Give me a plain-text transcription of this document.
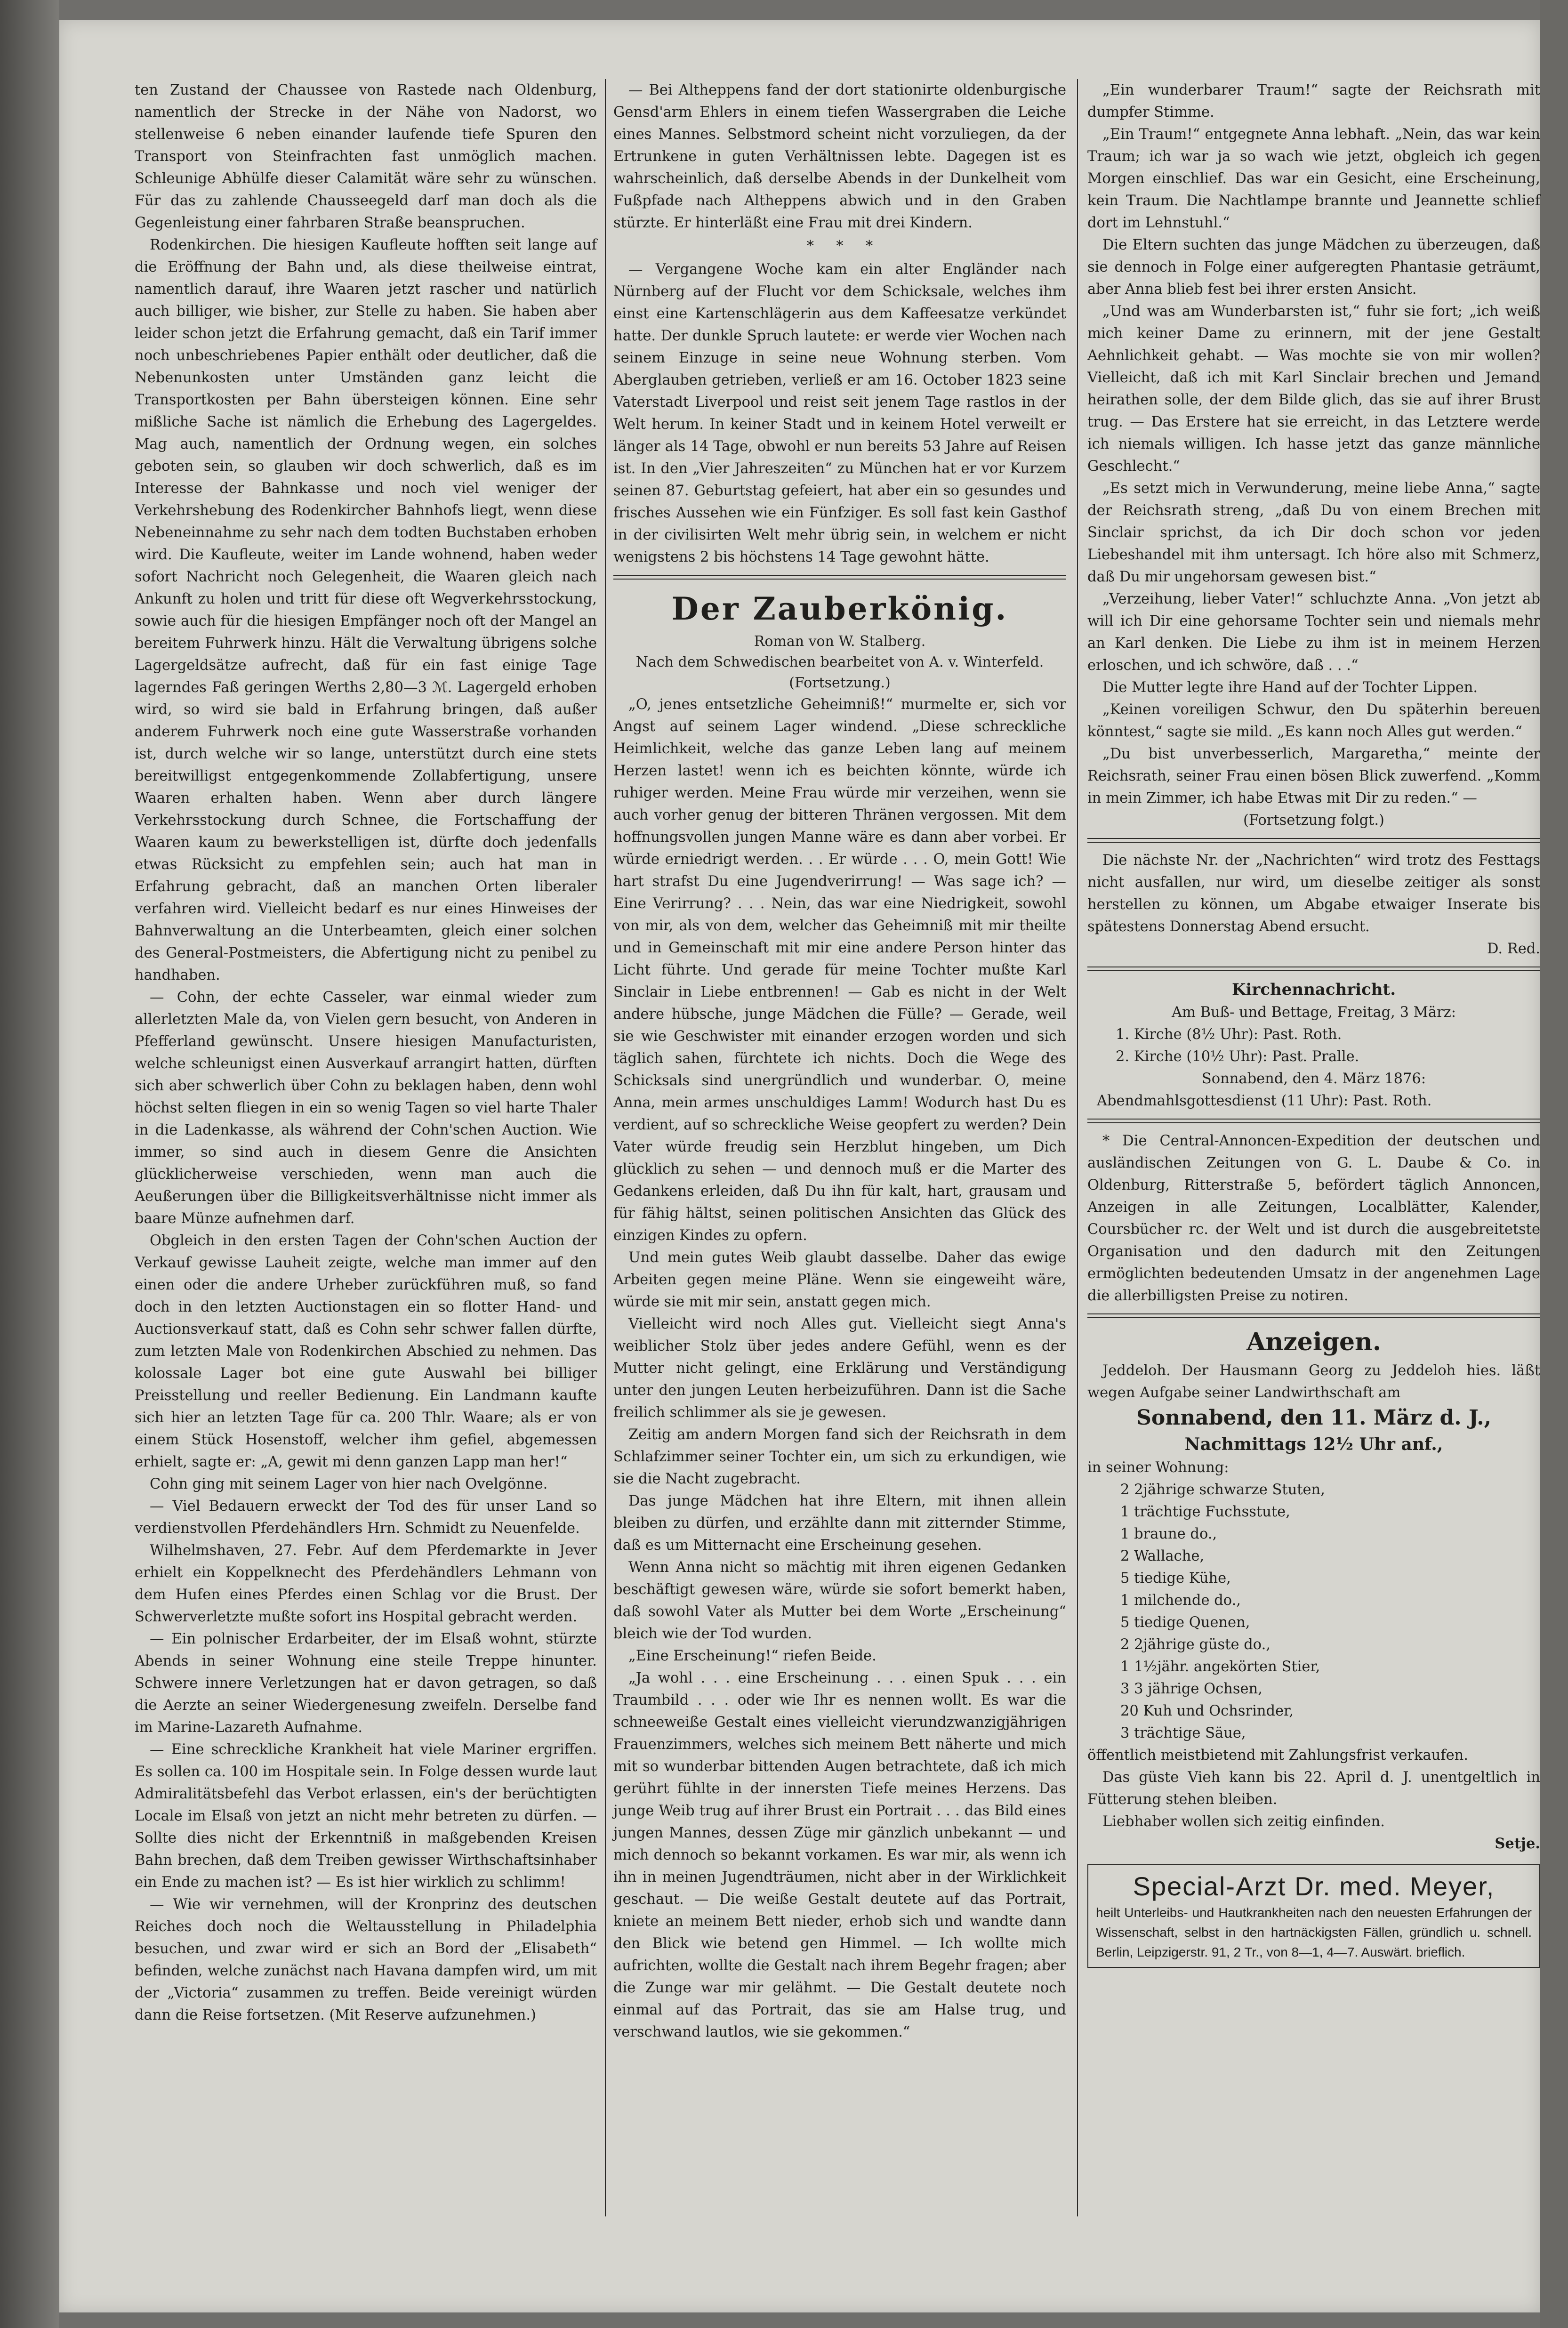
ten Zustand der Chaussee von Rastede nach Oldenburg, namentlich der Strecke in der Nähe von Nadorst, wo stellenweise 6 neben einander laufende tiefe Spuren den Transport von Steinfrachten fast unmöglich machen. Schleunige Abhülfe dieser Calamität wäre sehr zu wünschen. Für das zu zahlende Chausseegeld darf man doch als die Gegenleistung einer fahrbaren Straße beanspruchen.

Rodenkirchen. Die hiesigen Kaufleute hofften seit lange auf die Eröffnung der Bahn und, als diese theilweise eintrat, namentlich darauf, ihre Waaren jetzt rascher und natürlich auch billiger, wie bisher, zur Stelle zu haben. Sie haben aber leider schon jetzt die Erfahrung gemacht, daß ein Tarif immer noch unbeschriebenes Papier enthält oder deutlicher, daß die Nebenunkosten unter Umständen ganz leicht die Transportkosten per Bahn übersteigen können. Eine sehr mißliche Sache ist nämlich die Erhebung des Lagergeldes. Mag auch, namentlich der Ordnung wegen, ein solches geboten sein, so glauben wir doch schwerlich, daß es im Interesse der Bahnkasse und noch viel weniger der Verkehrshebung des Rodenkircher Bahnhofs liegt, wenn diese Nebeneinnahme zu sehr nach dem todten Buchstaben erhoben wird. Die Kaufleute, weiter im Lande wohnend, haben weder sofort Nachricht noch Gelegenheit, die Waaren gleich nach Ankunft zu holen und tritt für diese oft Wegverkehrsstockung, sowie auch für die hiesigen Empfänger noch oft der Mangel an bereitem Fuhrwerk hinzu. Hält die Verwaltung übrigens solche Lagergeldsätze aufrecht, daß für ein fast einige Tage lagerndes Faß geringen Werths 2,80—3 ℳ. Lagergeld erhoben wird, so wird sie bald in Erfahrung bringen, daß außer anderem Fuhrwerk noch eine gute Wasserstraße vorhanden ist, durch welche wir so lange, unterstützt durch eine stets bereitwilligst entgegenkommende Zollabfertigung, unsere Waaren erhalten haben. Wenn aber durch längere Verkehrsstockung durch Schnee, die Fortschaffung der Waaren kaum zu bewerkstelligen ist, dürfte doch jedenfalls etwas Rücksicht zu empfehlen sein; auch hat man in Erfahrung gebracht, daß an manchen Orten liberaler verfahren wird. Vielleicht bedarf es nur eines Hinweises der Bahnverwaltung an die Unterbeamten, gleich einer solchen des General-Postmeisters, die Abfertigung nicht zu penibel zu handhaben.

— Cohn, der echte Casseler, war einmal wieder zum allerletzten Male da, von Vielen gern besucht, von Anderen in Pfefferland gewünscht. Unsere hiesigen Manufacturisten, welche schleunigst einen Ausverkauf arrangirt hatten, dürften sich aber schwerlich über Cohn zu beklagen haben, denn wohl höchst selten fliegen in ein so wenig Tagen so viel harte Thaler in die Ladenkasse, als während der Cohn'schen Auction. Wie immer, so sind auch in diesem Genre die Ansichten glücklicherweise verschieden, wenn man auch die Aeußerungen über die Billigkeitsverhältnisse nicht immer als baare Münze aufnehmen darf.

Obgleich in den ersten Tagen der Cohn'schen Auction der Verkauf gewisse Lauheit zeigte, welche man immer auf den einen oder die andere Urheber zurückführen muß, so fand doch in den letzten Auctionstagen ein so flotter Hand- und Auctionsverkauf statt, daß es Cohn sehr schwer fallen dürfte, zum letzten Male von Rodenkirchen Abschied zu nehmen. Das kolossale Lager bot eine gute Auswahl bei billiger Preisstellung und reeller Bedienung. Ein Landmann kaufte sich hier an letzten Tage für ca. 200 Thlr. Waare; als er von einem Stück Hosenstoff, welcher ihm gefiel, abgemessen erhielt, sagte er: „A, gewit mi denn ganzen Lapp man her!“

Cohn ging mit seinem Lager von hier nach Ovelgönne.

— Viel Bedauern erweckt der Tod des für unser Land so verdienstvollen Pferdehändlers Hrn. Schmidt zu Neuenfelde.

Wilhelmshaven, 27. Febr. Auf dem Pferdemarkte in Jever erhielt ein Koppelknecht des Pferdehändlers Lehmann von dem Hufen eines Pferdes einen Schlag vor die Brust. Der Schwerverletzte mußte sofort ins Hospital gebracht werden.

— Ein polnischer Erdarbeiter, der im Elsaß wohnt, stürzte Abends in seiner Wohnung eine steile Treppe hinunter. Schwere innere Verletzungen hat er davon getragen, so daß die Aerzte an seiner Wiedergenesung zweifeln. Derselbe fand im Marine-Lazareth Aufnahme.

— Eine schreckliche Krankheit hat viele Mariner ergriffen. Es sollen ca. 100 im Hospitale sein. In Folge dessen wurde laut Admiralitätsbefehl das Verbot erlassen, ein's der berüchtigten Locale im Elsaß von jetzt an nicht mehr betreten zu dürfen. — Sollte dies nicht der Erkenntniß in maßgebenden Kreisen Bahn brechen, daß dem Treiben gewisser Wirthschaftsinhaber ein Ende zu machen ist? — Es ist hier wirklich zu schlimm!

— Wie wir vernehmen, will der Kronprinz des deutschen Reiches doch noch die Weltausstellung in Philadelphia besuchen, und zwar wird er sich an Bord der „Elisabeth“ befinden, welche zunächst nach Havana dampfen wird, um mit der „Victoria“ zusammen zu treffen. Beide vereinigt würden dann die Reise fortsetzen. (Mit Reserve aufzunehmen.)

— Bei Altheppens fand der dort stationirte oldenburgische Gensd'arm Ehlers in einem tiefen Wassergraben die Leiche eines Mannes. Selbstmord scheint nicht vorzuliegen, da der Ertrunkene in guten Verhältnissen lebte. Dagegen ist es wahrscheinlich, daß derselbe Abends in der Dunkelheit vom Fußpfade nach Altheppens abwich und in den Graben stürzte. Er hinterläßt eine Frau mit drei Kindern.

*     *     *

— Vergangene Woche kam ein alter Engländer nach Nürnberg auf der Flucht vor dem Schicksale, welches ihm einst eine Kartenschlägerin aus dem Kaffeesatze verkündet hatte. Der dunkle Spruch lautete: er werde vier Wochen nach seinem Einzuge in seine neue Wohnung sterben. Vom Aberglauben getrieben, verließ er am 16. October 1823 seine Vaterstadt Liverpool und reist seit jenem Tage rastlos in der Welt herum. In keiner Stadt und in keinem Hotel verweilt er länger als 14 Tage, obwohl er nun bereits 53 Jahre auf Reisen ist. In den „Vier Jahreszeiten“ zu München hat er vor Kurzem seinen 87. Geburtstag gefeiert, hat aber ein so gesundes und frisches Aussehen wie ein Fünfziger. Es soll fast kein Gasthof in der civilisirten Welt mehr übrig sein, in welchem er nicht wenigstens 2 bis höchstens 14 Tage gewohnt hätte.

Der Zauberkönig.
Roman von W. Stalberg.
Nach dem Schwedischen bearbeitet von A. v. Winterfeld.
(Fortsetzung.)

„O, jenes entsetzliche Geheimniß!“ murmelte er, sich vor Angst auf seinem Lager windend. „Diese schreckliche Heimlichkeit, welche das ganze Leben lang auf meinem Herzen lastet! wenn ich es beichten könnte, würde ich ruhiger werden. Meine Frau würde mir verzeihen, wenn sie auch vorher genug der bitteren Thränen vergossen. Mit dem hoffnungsvollen jungen Manne wäre es dann aber vorbei. Er würde erniedrigt werden. . . Er würde . . . O, mein Gott! Wie hart strafst Du eine Jugendverirrung! — Was sage ich? — Eine Verirrung? . . . Nein, das war eine Niedrigkeit, sowohl von mir, als von dem, welcher das Geheimniß mit mir theilte und in Gemeinschaft mit mir eine andere Person hinter das Licht führte. Und gerade für meine Tochter mußte Karl Sinclair in Liebe entbrennen! — Gab es nicht in der Welt andere hübsche, junge Mädchen die Fülle? — Gerade, weil sie wie Geschwister mit einander erzogen worden und sich täglich sahen, fürchtete ich nichts. Doch die Wege des Schicksals sind unergründlich und wunderbar. O, meine Anna, mein armes unschuldiges Lamm! Wodurch hast Du es verdient, auf so schreckliche Weise geopfert zu werden? Dein Vater würde freudig sein Herzblut hingeben, um Dich glücklich zu sehen — und dennoch muß er die Marter des Gedankens erleiden, daß Du ihn für kalt, hart, grausam und für fähig hältst, seinen politischen Ansichten das Glück des einzigen Kindes zu opfern.

Und mein gutes Weib glaubt dasselbe. Daher das ewige Arbeiten gegen meine Pläne. Wenn sie eingeweiht wäre, würde sie mit mir sein, anstatt gegen mich.

Vielleicht wird noch Alles gut. Vielleicht siegt Anna's weiblicher Stolz über jedes andere Gefühl, wenn es der Mutter nicht gelingt, eine Erklärung und Verständigung unter den jungen Leuten herbeizuführen. Dann ist die Sache freilich schlimmer als sie je gewesen.

Zeitig am andern Morgen fand sich der Reichsrath in dem Schlafzimmer seiner Tochter ein, um sich zu erkundigen, wie sie die Nacht zugebracht.

Das junge Mädchen hat ihre Eltern, mit ihnen allein bleiben zu dürfen, und erzählte dann mit zitternder Stimme, daß es um Mitternacht eine Erscheinung gesehen.

Wenn Anna nicht so mächtig mit ihren eigenen Gedanken beschäftigt gewesen wäre, würde sie sofort bemerkt haben, daß sowohl Vater als Mutter bei dem Worte „Erscheinung“ bleich wie der Tod wurden.

„Eine Erscheinung!“ riefen Beide.

„Ja wohl . . . eine Erscheinung . . . einen Spuk . . . ein Traumbild . . . oder wie Ihr es nennen wollt. Es war die schneeweiße Gestalt eines vielleicht vierundzwanzigjährigen Frauenzimmers, welches sich meinem Bett näherte und mich mit so wunderbar bittenden Augen betrachtete, daß ich mich gerührt fühlte in der innersten Tiefe meines Herzens. Das junge Weib trug auf ihrer Brust ein Portrait . . . das Bild eines jungen Mannes, dessen Züge mir gänzlich unbekannt — und mich dennoch so bekannt vorkamen. Es war mir, als wenn ich ihn in meinen Jugendträumen, nicht aber in der Wirklichkeit geschaut. — Die weiße Gestalt deutete auf das Portrait, kniete an meinem Bett nieder, erhob sich und wandte dann den Blick wie betend gen Himmel. — Ich wollte mich aufrichten, wollte die Gestalt nach ihrem Begehr fragen; aber die Zunge war mir gelähmt. — Die Gestalt deutete noch einmal auf das Portrait, das sie am Halse trug, und verschwand lautlos, wie sie gekommen.“

„Ein wunderbarer Traum!“ sagte der Reichsrath mit dumpfer Stimme.

„Ein Traum!“ entgegnete Anna lebhaft. „Nein, das war kein Traum; ich war ja so wach wie jetzt, obgleich ich gegen Morgen einschlief. Das war ein Gesicht, eine Erscheinung, kein Traum. Die Nachtlampe brannte und Jeannette schlief dort im Lehnstuhl.“

Die Eltern suchten das junge Mädchen zu überzeugen, daß sie dennoch in Folge einer aufgeregten Phantasie geträumt, aber Anna blieb fest bei ihrer ersten Ansicht.

„Und was am Wunderbarsten ist,“ fuhr sie fort; „ich weiß mich keiner Dame zu erinnern, mit der jene Gestalt Aehnlichkeit gehabt. — Was mochte sie von mir wollen? Vielleicht, daß ich mit Karl Sinclair brechen und Jemand heirathen solle, der dem Bilde glich, das sie auf ihrer Brust trug. — Das Erstere hat sie erreicht, in das Letztere werde ich niemals willigen. Ich hasse jetzt das ganze männliche Geschlecht.“

„Es setzt mich in Verwunderung, meine liebe Anna,“ sagte der Reichsrath streng, „daß Du von einem Brechen mit Sinclair sprichst, da ich Dir doch schon vor jeden Liebeshandel mit ihm untersagt. Ich höre also mit Schmerz, daß Du mir ungehorsam gewesen bist.“

„Verzeihung, lieber Vater!“ schluchzte Anna. „Von jetzt ab will ich Dir eine gehorsame Tochter sein und niemals mehr an Karl denken. Die Liebe zu ihm ist in meinem Herzen erloschen, und ich schwöre, daß . . .“

Die Mutter legte ihre Hand auf der Tochter Lippen.

„Keinen voreiligen Schwur, den Du späterhin bereuen könntest,“ sagte sie mild. „Es kann noch Alles gut werden.“

„Du bist unverbesserlich, Margaretha,“ meinte der Reichsrath, seiner Frau einen bösen Blick zuwerfend. „Komm in mein Zimmer, ich habe Etwas mit Dir zu reden.“ —

(Fortsetzung folgt.)

Die nächste Nr. der „Nachrichten“ wird trotz des Festtags nicht ausfallen, nur wird, um dieselbe zeitiger als sonst herstellen zu können, um Abgabe etwaiger Inserate bis spätestens Donnerstag Abend ersucht.

D. Red.

Kirchennachricht.

Am Buß- und Bettage, Freitag, 3 März:

1. Kirche (8½ Uhr): Past. Roth.

2. Kirche (10½ Uhr): Past. Pralle.

Sonnabend, den 4. März 1876:

Abendmahlsgottesdienst (11 Uhr): Past. Roth.

* Die Central-Annoncen-Expedition der deutschen und ausländischen Zeitungen von G. L. Daube & Co. in Oldenburg, Ritterstraße 5, befördert täglich Annoncen, Anzeigen in alle Zeitungen, Localblätter, Kalender, Coursbücher rc. der Welt und ist durch die ausgebreitetste Organisation und den dadurch mit den Zeitungen ermöglichten bedeutenden Umsatz in der angenehmen Lage die allerbilligsten Preise zu notiren.

Anzeigen.

Jeddeloh. Der Hausmann Georg zu Jeddeloh hies. läßt wegen Aufgabe seiner Landwirthschaft am

Sonnabend, den 11. März d. J.,
Nachmittags 12½ Uhr anf.,

in seiner Wohnung:

2 2jährige schwarze Stuten,

1 trächtige Fuchsstute,

1 braune do.,

2 Wallache,

5 tiedige Kühe,

1 milchende do.,

5 tiedige Quenen,

2 2jährige güste do.,

1 1½jähr. angekörten Stier,

3 3 jährige Ochsen,

20 Kuh und Ochsrinder,

3 trächtige Säue,

öffentlich meistbietend mit Zahlungsfrist verkaufen.

Das güste Vieh kann bis 22. April d. J. unentgeltlich in Fütterung stehen bleiben.

Liebhaber wollen sich zeitig einfinden.

Setje.

Special-Arzt Dr. med. Meyer,

heilt Unterleibs- und Hautkrankheiten nach den neuesten Erfahrungen der Wissenschaft, selbst in den hartnäckigsten Fällen, gründlich u. schnell. Berlin, Leipzigerstr. 91, 2 Tr., von 8—1, 4—7. Auswärt. brieflich.
